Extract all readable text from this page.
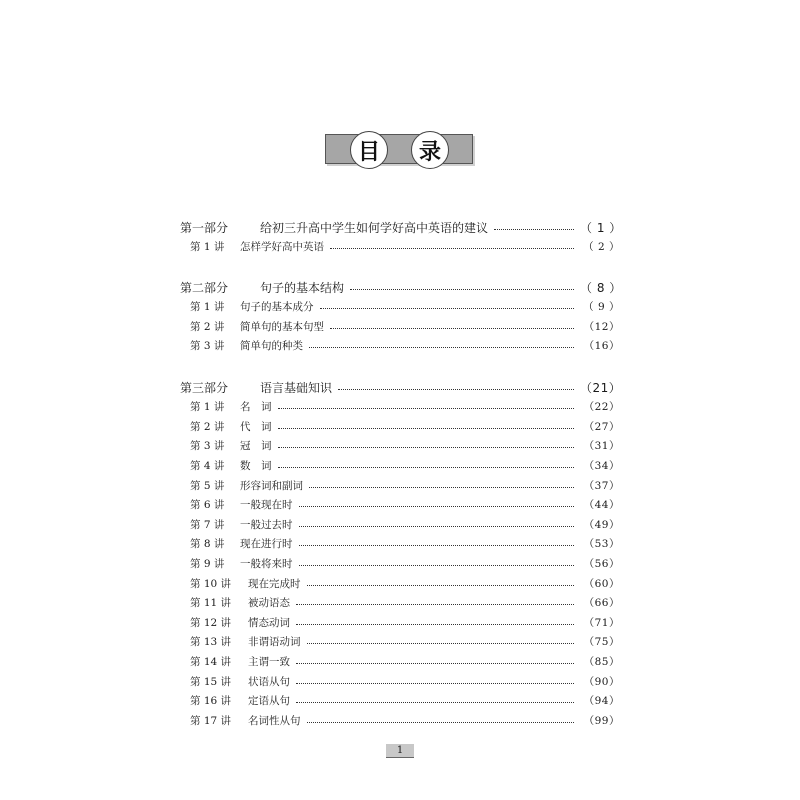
目	录
第一部分	给初三升高中学生如何学好高中英语的建议	（ 1 ）
第 1 讲	怎样学好高中英语	（ 2 ）
第二部分	句子的基本结构	（ 8 ）
第 1 讲	句子的基本成分	（ 9 ）
第 2 讲	简单句的基本句型	（12）
第 3 讲	简单句的种类	（16）
第三部分	语言基础知识	（21）
第 1 讲	名　词	（22）
第 2 讲	代　词	（27）
第 3 讲	冠　词	（31）
第 4 讲	数　词	（34）
第 5 讲	形容词和副词	（37）
第 6 讲	一般现在时	（44）
第 7 讲	一般过去时	（49）
第 8 讲	现在进行时	（53）
第 9 讲	一般将来时	（56）
第 10 讲	现在完成时	（60）
第 11 讲	被动语态	（66）
第 12 讲	情态动词	（71）
第 13 讲	非谓语动词	（75）
第 14 讲	主谓一致	（85）
第 15 讲	状语从句	（90）
第 16 讲	定语从句	（94）
第 17 讲	名词性从句	（99）
1
